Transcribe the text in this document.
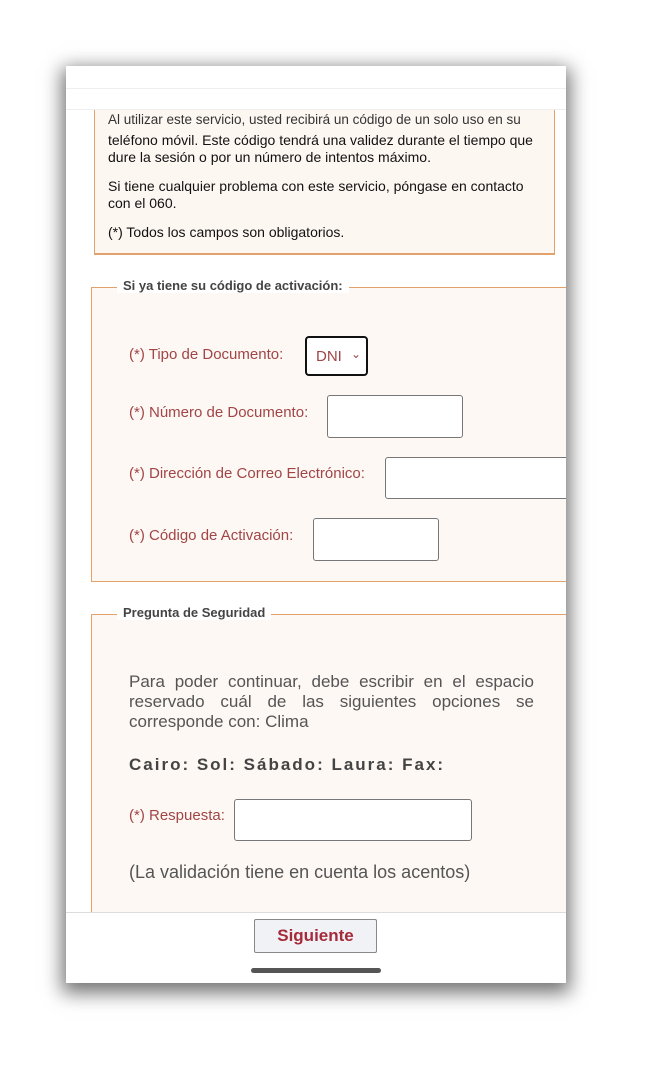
Al utilizar este servicio, usted recibirá un código de un solo uso en su

teléfono móvil. Este código tendrá una validez durante el tiempo que dure la sesión o por un número de intentos máximo.

Si tiene cualquier problema con este servicio, póngase en contacto con el 060.

(*) Todos los campos son obligatorios.

Si ya tiene su código de activación:
(*) Tipo de Documento: DNI ⌄
(*) Número de Documento:
(*) Dirección de Correo Electrónico:
(*) Código de Activación:
Pregunta de Seguridad
Para poder continuar, debe escribir en el espacio reservado cuál de las siguientes opciones se corresponde con: Clima
Cairo: Sol: Sábado: Laura: Fax:
(*) Respuesta:
(La validación tiene en cuenta los acentos)
Siguiente
